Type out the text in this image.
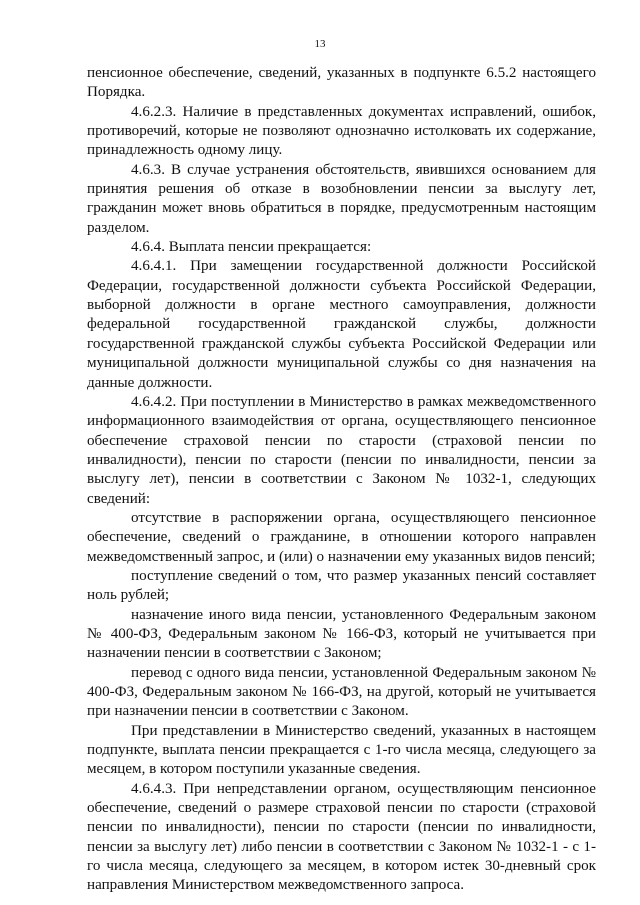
13

пенсионное обеспечение, сведений, указанных в подпункте 6.5.2 настоящего Порядка.

4.6.2.3. Наличие в представленных документах исправлений, ошибок, противоречий, которые не позволяют однозначно истолковать их содержание, принадлежность одному лицу.

4.6.3. В случае устранения обстоятельств, явившихся основанием для принятия решения об отказе в возобновлении пенсии за выслугу лет, гражданин может вновь обратиться в порядке, предусмотренным настоящим разделом.

4.6.4. Выплата пенсии прекращается:

4.6.4.1. При замещении государственной должности Российской Федерации, государственной должности субъекта Российской Федерации, выборной должности в органе местного самоуправления, должности федеральной государственной гражданской службы, должности государственной гражданской службы субъекта Российской Федерации или муниципальной должности муниципальной службы со дня назначения на данные должности.

4.6.4.2. При поступлении в Министерство в рамках межведомственного информационного взаимодействия от органа, осуществляющего пенсионное обеспечение страховой пенсии по старости (страховой пенсии по инвалидности), пенсии по старости (пенсии по инвалидности, пенсии за выслугу лет), пенсии в соответствии с Законом № 1032-1, следующих сведений:

отсутствие в распоряжении органа, осуществляющего пенсионное обеспечение, сведений о гражданине, в отношении которого направлен межведомственный запрос, и (или) о назначении ему указанных видов пенсий;

поступление сведений о том, что размер указанных пенсий составляет ноль рублей;

назначение иного вида пенсии, установленного Федеральным законом № 400-ФЗ, Федеральным законом № 166-ФЗ, который не учитывается при назначении пенсии в соответствии с Законом;

перевод с одного вида пенсии, установленной Федеральным законом № 400-ФЗ, Федеральным законом № 166-ФЗ, на другой, который не учитывается при назначении пенсии в соответствии с Законом.

При представлении в Министерство сведений, указанных в настоящем подпункте, выплата пенсии прекращается с 1-го числа месяца, следующего за месяцем, в котором поступили указанные сведения.

4.6.4.3. При непредставлении органом, осуществляющим пенсионное обеспечение, сведений о размере страховой пенсии по старости (страховой пенсии по инвалидности), пенсии по старости (пенсии по инвалидности, пенсии за выслугу лет) либо пенсии в соответствии с Законом № 1032-1 - с 1-го числа месяца, следующего за месяцем, в котором истек 30-дневный срок направления Министерством межведомственного запроса.
